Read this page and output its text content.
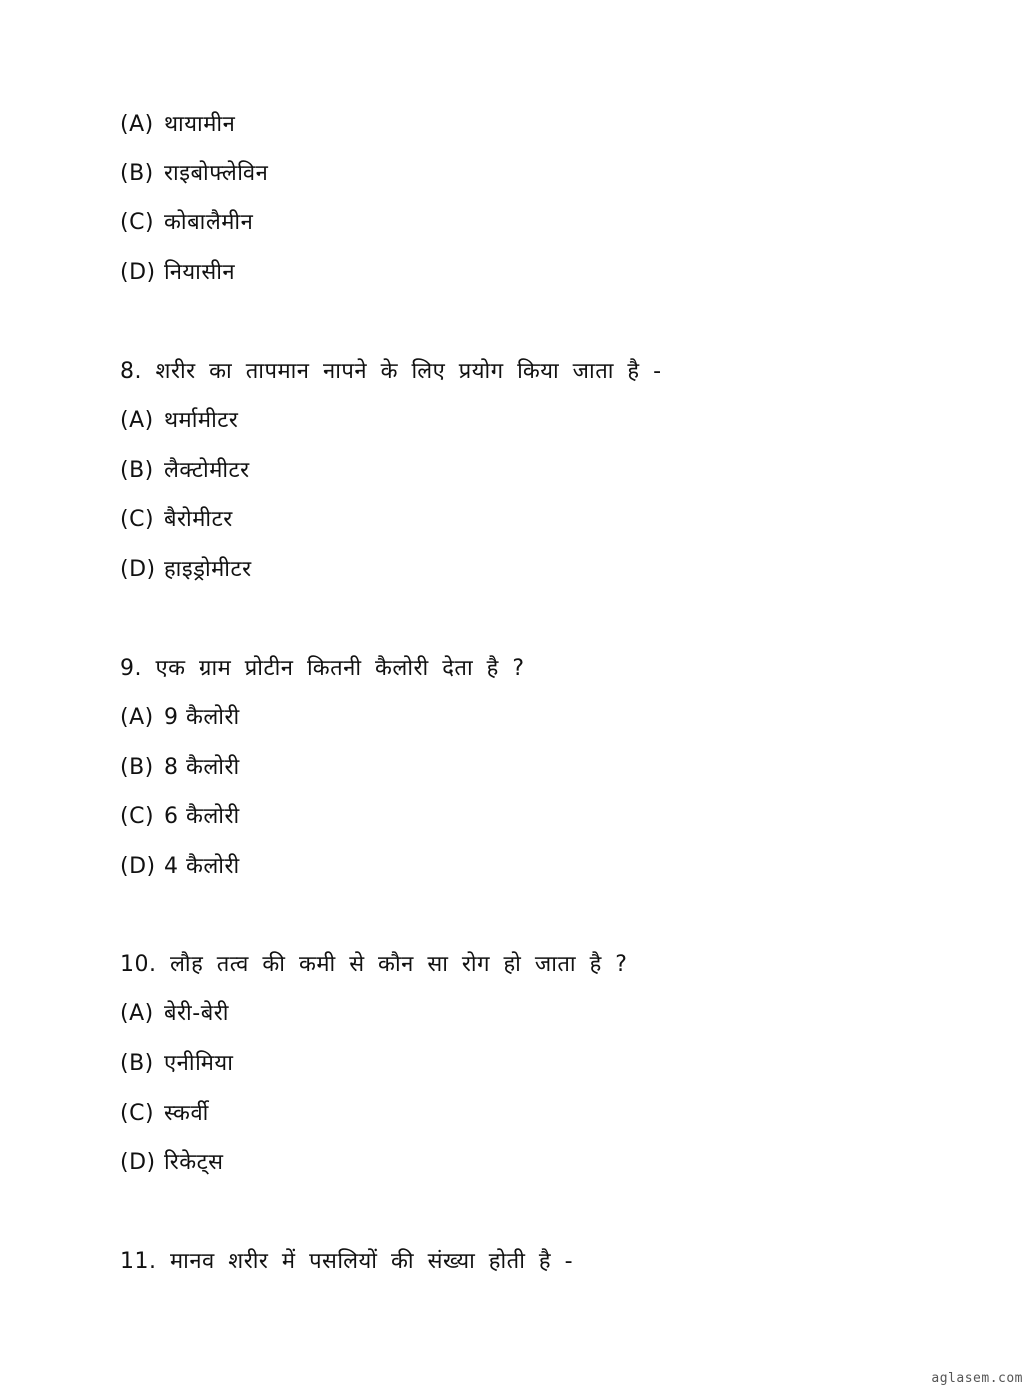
(A) थायामीन
(B) राइबोफ्लेविन
(C) कोबालैमीन
(D) नियासीन
8. शरीर का तापमान नापने के लिए प्रयोग किया जाता है -
(A) थर्मामीटर
(B) लैक्टोमीटर
(C) बैरोमीटर
(D) हाइड्रोमीटर
9. एक ग्राम प्रोटीन कितनी कैलोरी देता है ?
(A) 9 कैलोरी
(B) 8 कैलोरी
(C) 6 कैलोरी
(D) 4 कैलोरी
10. लौह तत्व की कमी से कौन सा रोग हो जाता है ?
(A) बेरी-बेरी
(B) एनीमिया
(C) स्कर्वी
(D) रिकेट्स
11. मानव शरीर में पसलियों की संख्या होती है -
aglasem.com
